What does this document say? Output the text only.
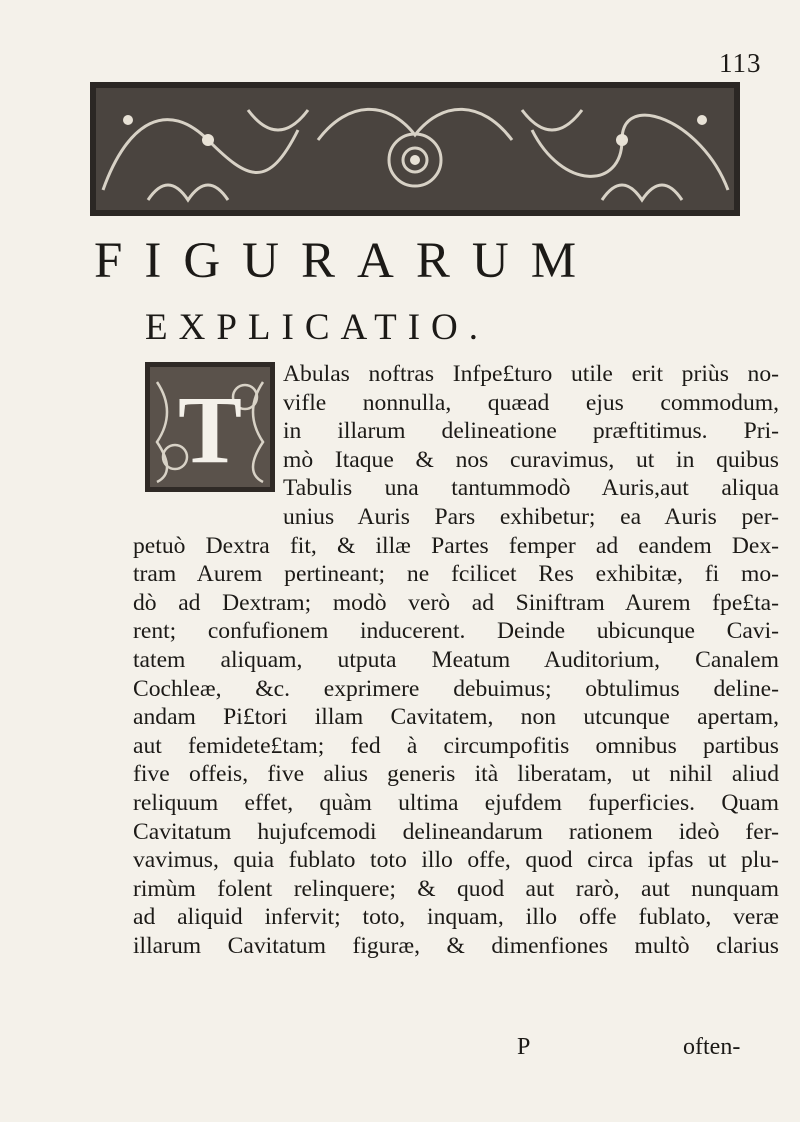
113
FIGURARUM
EXPLICATIO.
T
Abulas noftras Infpe£turo utile erit priùs no-
vifle nonnulla, quæad ejus commodum,
in illarum delineatione præftitimus. Pri-
mò Itaque & nos curavimus, ut in quibus
Tabulis una tantummodò Auris,aut aliqua
unius Auris Pars exhibetur; ea Auris per-
petuò Dextra fit, & illæ Partes femper ad eandem Dex-
tram Aurem pertineant; ne fcilicet Res exhibitæ, fi mo-
dò ad Dextram; modò verò ad Siniftram Aurem fpe£ta-
rent; confufionem inducerent. Deinde ubicunque Cavi-
tatem aliquam, utputa Meatum Auditorium, Canalem
Cochleæ, &c. exprimere debuimus; obtulimus deline-
andam Pi£tori illam Cavitatem, non utcunque apertam,
aut femidete£tam; fed à circumpofitis omnibus partibus
five offeis, five alius generis ità liberatam, ut nihil aliud
reliquum effet, quàm ultima ejufdem fuperficies. Quam
Cavitatum hujufcemodi delineandarum rationem ideò fer-
vavimus, quia fublato toto illo offe, quod circa ipfas ut plu-
rimùm folent relinquere; & quod aut rarò, aut nunquam
ad aliquid infervit; toto, inquam, illo offe fublato, veræ
illarum Cavitatum figuræ, & dimenfiones multò clarius
P	often-
